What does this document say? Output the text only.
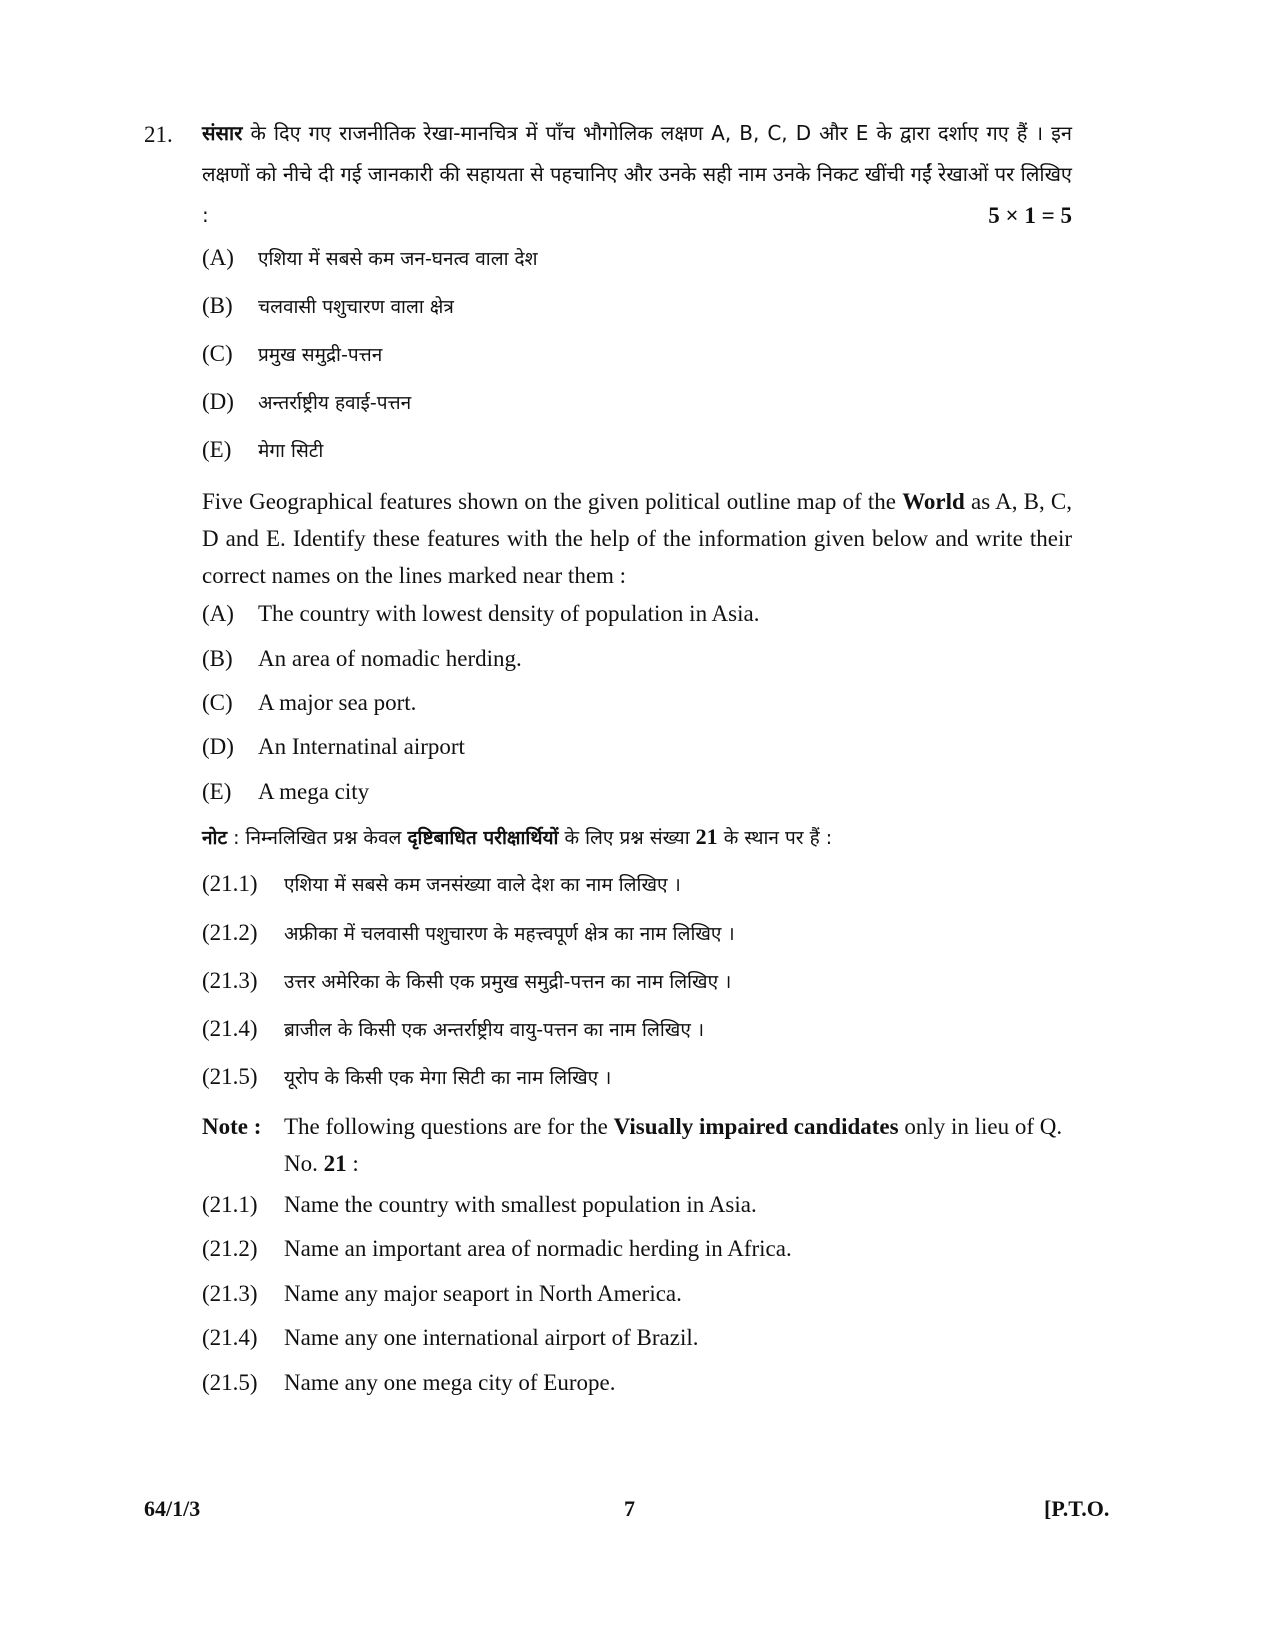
21. संसार के दिए गए राजनीतिक रेखा-मानचित्र में पाँच भौगोलिक लक्षण A, B, C, D और E के द्वारा दर्शाए गए हैं । इन लक्षणों को नीचे दी गई जानकारी की सहायता से पहचानिए और उनके सही नाम उनके निकट खींची गईं रेखाओं पर लिखिए :	5 × 1 = 5
(A) एशिया में सबसे कम जन-घनत्व वाला देश
(B) चलवासी पशुचारण वाला क्षेत्र
(C) प्रमुख समुद्री-पत्तन
(D) अन्तर्राष्ट्रीय हवाई-पत्तन
(E) मेगा सिटी
Five Geographical features shown on the given political outline map of the World as A, B, C, D and E. Identify these features with the help of the information given below and write their correct names on the lines marked near them :
(A) The country with lowest density of population in Asia.
(B) An area of nomadic herding.
(C) A major sea port.
(D) An Internatinal airport
(E) A mega city
नोट : निम्नलिखित प्रश्न केवल दृष्टिबाधित परीक्षार्थियों के लिए प्रश्न संख्या 21 के स्थान पर हैं :
(21.1) एशिया में सबसे कम जनसंख्या वाले देश का नाम लिखिए ।
(21.2) अफ्रीका में चलवासी पशुचारण के महत्त्वपूर्ण क्षेत्र का नाम लिखिए ।
(21.3) उत्तर अमेरिका के किसी एक प्रमुख समुद्री-पत्तन का नाम लिखिए ।
(21.4) ब्राजील के किसी एक अन्तर्राष्ट्रीय वायु-पत्तन का नाम लिखिए ।
(21.5) यूरोप के किसी एक मेगा सिटी का नाम लिखिए ।
Note : The following questions are for the Visually impaired candidates only in lieu of Q. No. 21 :
(21.1) Name the country with smallest population in Asia.
(21.2) Name an important area of normadic herding in Africa.
(21.3) Name any major seaport in North America.
(21.4) Name any one international airport of Brazil.
(21.5) Name any one mega city of Europe.
64/1/3	7	[P.T.O.
